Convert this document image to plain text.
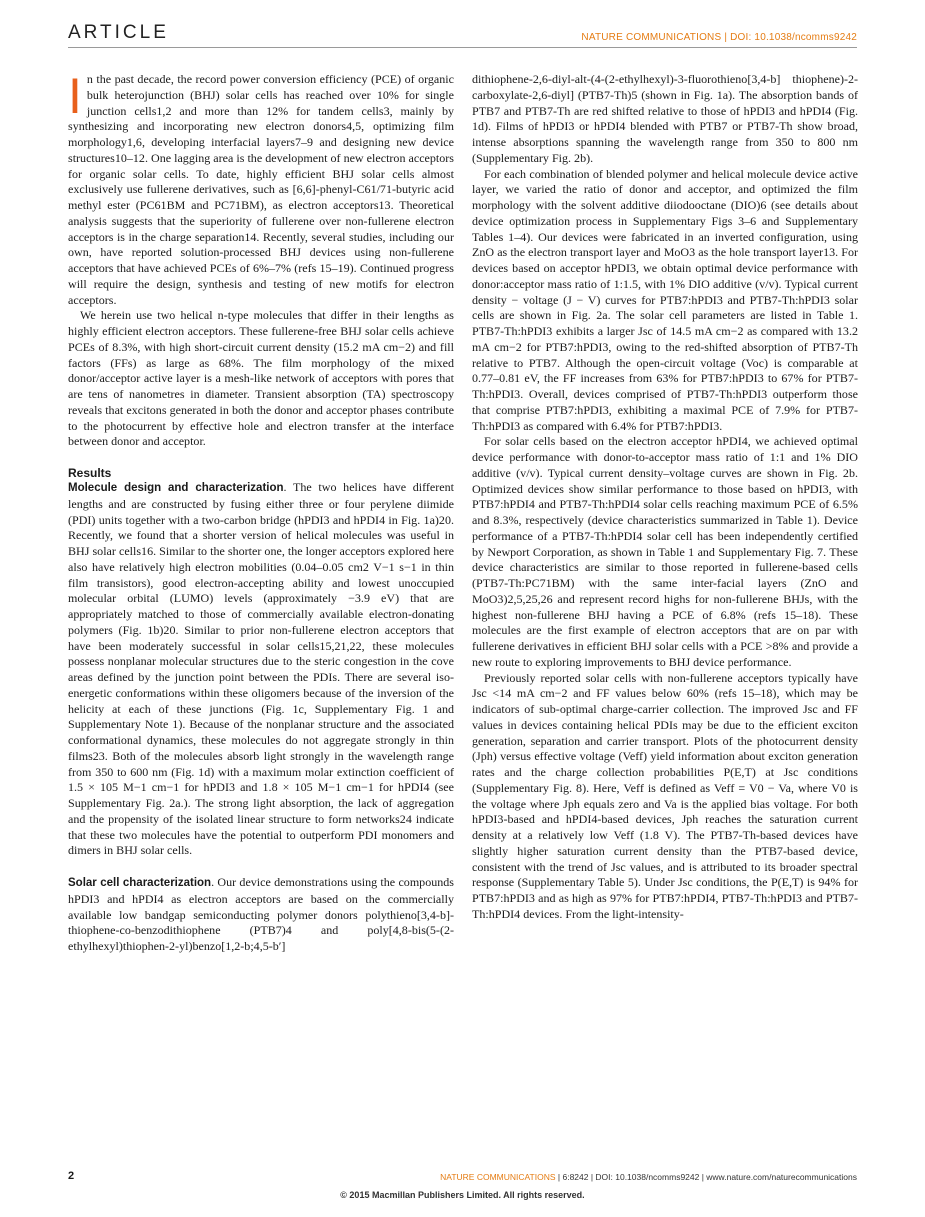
ARTICLE	NATURE COMMUNICATIONS | DOI: 10.1038/ncomms9242

In the past decade, the record power conversion efficiency (PCE) of organic bulk heterojunction (BHJ) solar cells has reached over 10% for single junction cells1,2 and more than 12% for tandem cells3, mainly by synthesizing and incorporating new electron donors4,5, optimizing film morphology1,6, developing interfacial layers7–9 and designing new device structures10–12. One lagging area is the development of new electron acceptors for organic solar cells. To date, highly efficient BHJ solar cells almost exclusively use fullerene derivatives, such as [6,6]-phenyl-C61/71-butyric acid methyl ester (PC61BM and PC71BM), as electron acceptors13. Theoretical analysis suggests that the superiority of fullerene over non-fullerene electron acceptors is in the charge separation14. Recently, several studies, including our own, have reported solution-processed BHJ devices using non-fullerene acceptors that have achieved PCEs of 6%–7% (refs 15–19). Continued progress will require the design, synthesis and testing of new motifs for electron acceptors.

We herein use two helical n-type molecules that differ in their lengths as highly efficient electron acceptors. These fullerene-free BHJ solar cells achieve PCEs of 8.3%, with high short-circuit current density (15.2 mA cm−2) and fill factors (FFs) as large as 68%. The film morphology of the mixed donor/acceptor active layer is a mesh-like network of acceptors with pores that are tens of nanometres in diameter. Transient absorption (TA) spectroscopy reveals that excitons generated in both the donor and acceptor phases contribute to the photocurrent by effective hole and electron transfer at the interface between donor and acceptor.

Results

Molecule design and characterization. The two helices have different lengths and are constructed by fusing either three or four perylene diimide (PDI) units together with a two-carbon bridge (hPDI3 and hPDI4 in Fig. 1a)20. Recently, we found that a shorter version of helical molecules was useful in BHJ solar cells16. Similar to the shorter one, the longer acceptors explored here also have relatively high electron mobilities (0.04–0.05 cm2 V−1 s−1 in thin film transistors), good electron-accepting ability and lowest unoccupied molecular orbital (LUMO) levels (approximately −3.9 eV) that are appropriately matched to those of commercially available electron-donating polymers (Fig. 1b)20. Similar to prior non-fullerene electron acceptors that have been moderately successful in solar cells15,21,22, these molecules possess nonplanar molecular structures due to the steric congestion in the cove areas defined by the junction point between the PDIs. There are several iso-energetic conformations within these oligomers because of the inversion of the helicity at each of these junctions (Fig. 1c, Supplementary Fig. 1 and Supplementary Note 1). Because of the nonplanar structure and the associated conformational dynamics, these molecules do not aggregate strongly in thin films23. Both of the molecules absorb light strongly in the wavelength range from 350 to 600 nm (Fig. 1d) with a maximum molar extinction coefficient of 1.5 × 105 M−1 cm−1 for hPDI3 and 1.8 × 105 M−1 cm−1 for hPDI4 (see Supplementary Fig. 2a.). The strong light absorption, the lack of aggregation and the propensity of the isolated linear structure to form networks24 indicate that these two molecules have the potential to outperform PDI monomers and dimers in BHJ solar cells.

Solar cell characterization. Our device demonstrations using the compounds hPDI3 and hPDI4 as electron acceptors are based on the commercially available low bandgap semiconducting polymer donors polythieno[3,4-b]-thiophene-co-benzodithiophene (PTB7)4 and poly[4,8-bis(5-(2-ethylhexyl)thiophen-2-yl)benzo[1,2-b;4,5-b′]

dithiophene-2,6-diyl-alt-(4-(2-ethylhexyl)-3-fluorothieno[3,4-b] thiophene)-2-carboxylate-2,6-diyl] (PTB7-Th)5 (shown in Fig. 1a). The absorption bands of PTB7 and PTB7-Th are red shifted relative to those of hPDI3 and hPDI4 (Fig. 1d). Films of hPDI3 or hPDI4 blended with PTB7 or PTB7-Th show broad, intense absorptions spanning the wavelength range from 350 to 800 nm (Supplementary Fig. 2b).

For each combination of blended polymer and helical molecule device active layer, we varied the ratio of donor and acceptor, and optimized the film morphology with the solvent additive diiodooctane (DIO)6 (see details about device optimization process in Supplementary Figs 3–6 and Supplementary Tables 1–4). Our devices were fabricated in an inverted configuration, using ZnO as the electron transport layer and MoO3 as the hole transport layer13. For devices based on acceptor hPDI3, we obtain optimal device performance with donor:acceptor mass ratio of 1:1.5, with 1% DIO additive (v/v). Typical current density − voltage (J − V) curves for PTB7:hPDI3 and PTB7-Th:hPDI3 solar cells are shown in Fig. 2a. The solar cell parameters are listed in Table 1. PTB7-Th:hPDI3 exhibits a larger Jsc of 14.5 mA cm−2 as compared with 13.2 mA cm−2 for PTB7:hPDI3, owing to the red-shifted absorption of PTB7-Th relative to PTB7. Although the open-circuit voltage (Voc) is comparable at 0.77–0.81 eV, the FF increases from 63% for PTB7:hPDI3 to 67% for PTB7-Th:hPDI3. Overall, devices comprised of PTB7-Th:hPDI3 outperform those that comprise PTB7:hPDI3, exhibiting a maximal PCE of 7.9% for PTB7-Th:hPDI3 as compared with 6.4% for PTB7:hPDI3.

For solar cells based on the electron acceptor hPDI4, we achieved optimal device performance with donor-to-acceptor mass ratio of 1:1 and 1% DIO additive (v/v). Typical current density–voltage curves are shown in Fig. 2b. Optimized devices show similar performance to those based on hPDI3, with PTB7:hPDI4 and PTB7-Th:hPDI4 solar cells reaching maximum PCE of 6.5% and 8.3%, respectively (device characteristics summarized in Table 1). Device performance of a PTB7-Th:hPDI4 solar cell has been independently certified by Newport Corporation, as shown in Table 1 and Supplementary Fig. 7. These device characteristics are similar to those reported in fullerene-based cells (PTB7-Th:PC71BM) with the same inter-facial layers (ZnO and MoO3)2,5,25,26 and represent record highs for non-fullerene BHJs, with the highest non-fullerene BHJ having a PCE of 6.8% (refs 15–18). These molecules are the first example of electron acceptors that are on par with fullerene derivatives in efficient BHJ solar cells with a PCE >8% and provide a new route to exploring improvements to BHJ device performance.

Previously reported solar cells with non-fullerene acceptors typically have Jsc <14 mA cm−2 and FF values below 60% (refs 15–18), which may be indicators of sub-optimal charge-carrier collection. The improved Jsc and FF values in devices containing helical PDIs may be due to the efficient exciton generation, separation and carrier transport. Plots of the photocurrent density (Jph) versus effective voltage (Veff) yield information about exciton generation rates and the charge collection probabilities P(E,T) at Jsc conditions (Supplementary Fig. 8). Here, Veff is defined as Veff = V0 − Va, where V0 is the voltage where Jph equals zero and Va is the applied bias voltage. For both hPDI3-based and hPDI4-based devices, Jph reaches the saturation current density at a relatively low Veff (1.8 V). The PTB7-Th-based devices have slightly higher saturation current density than the PTB7-based device, consistent with the trend of Jsc values, and is attributed to its broader spectral response (Supplementary Table 5). Under Jsc conditions, the P(E,T) is 94% for PTB7:hPDI3 and as high as 97% for PTB7:hPDI4, PTB7-Th:hPDI3 and PTB7-Th:hPDI4 devices. From the light-intensity-

2	NATURE COMMUNICATIONS | 6:8242 | DOI: 10.1038/ncomms9242 | www.nature.com/naturecommunications
© 2015 Macmillan Publishers Limited. All rights reserved.
